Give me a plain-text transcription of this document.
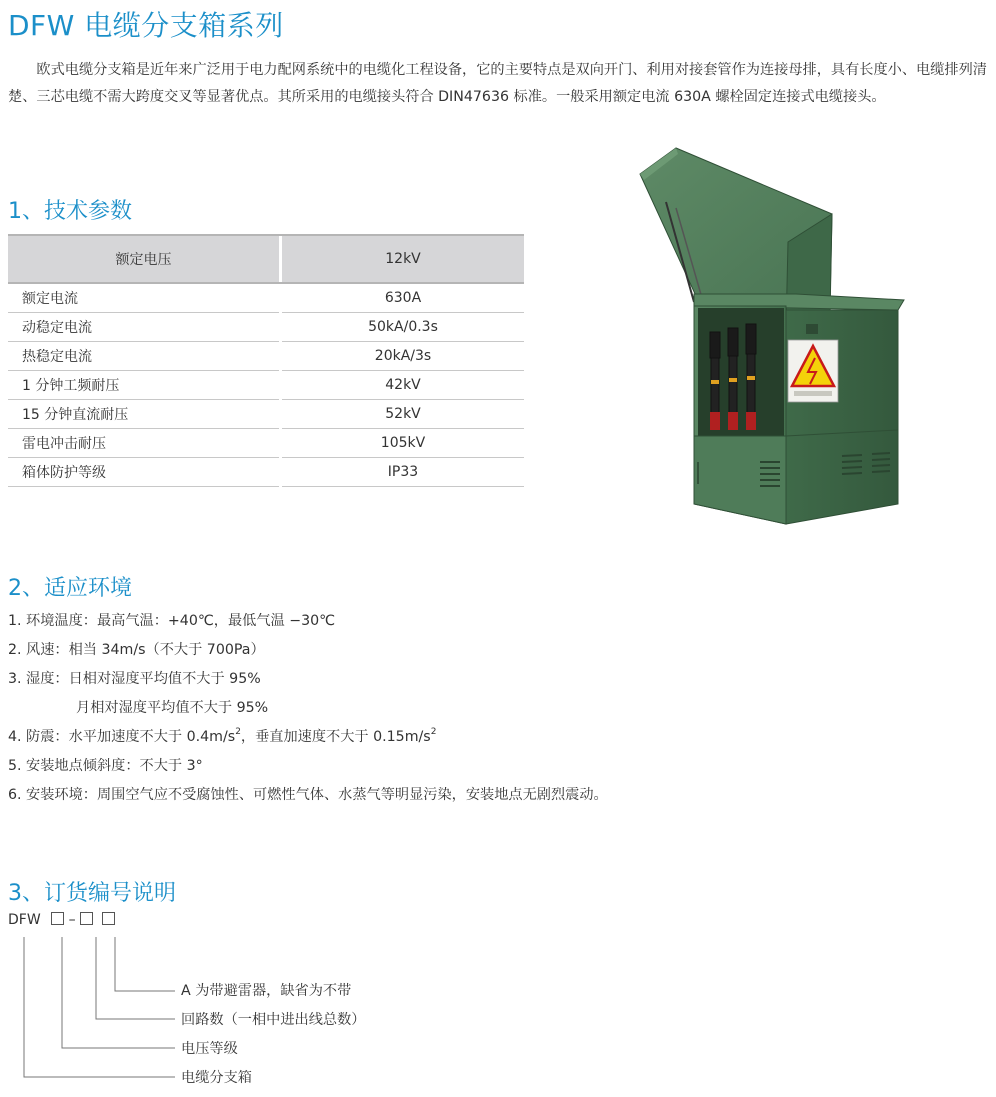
DFW 电缆分支箱系列

欧式电缆分支箱是近年来广泛用于电力配网系统中的电缆化工程设备，它的主要特点是双向开门、利用对接套管作为连接母排，具有长度小、电缆排列清楚、三芯电缆不需大跨度交叉等显著优点。其所采用的电缆接头符合 DIN47636 标准。一般采用额定电流 630A 螺栓固定连接式电缆接头。

1、技术参数
额定电压		12kV
额定电流		630A
动稳定电流		50kA/0.3s
热稳定电流		20kA/3s
1 分钟工频耐压		42kV
15 分钟直流耐压		52kV
雷电冲击耐压		105kV
箱体防护等级		IP33
2、适应环境
1. 环境温度：最高气温：+40℃，最低气温 −30℃
2. 风速：相当 34m/s（不大于 700Pa）
3. 湿度：日相对湿度平均值不大于 95%
月相对湿度平均值不大于 95%
4. 防震：水平加速度不大于 $0.4m/s^2$，垂直加速度不大于 $0.15m/s^2$
5. 安装地点倾斜度：不大于 3°
6. 安装环境：周围空气应不受腐蚀性、可燃性气体、水蒸气等明显污染，安装地点无剧烈震动。
3、订货编号说明
DFW –
A 为带避雷器，缺省为不带
回路数（一相中进出线总数）
电压等级
电缆分支箱
